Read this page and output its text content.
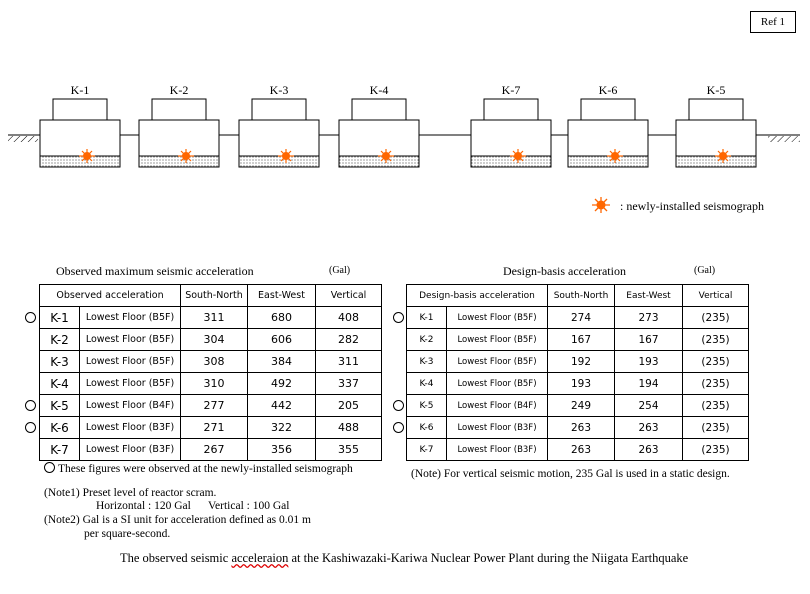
Ref 1
K-1	K-2	K-3	K-4	K-7	K-6	K-5
: newly-installed seismograph
Observed maximum seismic acceleration	(Gal)
Observed acceleration		South-North	East-West	Vertical
K-1	Lowest Floor (B5F)	311	680	408
K-2	Lowest Floor (B5F)	304	606	282
K-3	Lowest Floor (B5F)	308	384	311
K-4	Lowest Floor (B5F)	310	492	337
K-5	Lowest Floor (B4F)	277	442	205
K-6	Lowest Floor (B3F)	271	322	488
K-7	Lowest Floor (B3F)	267	356	355
These figures were observed at the newly-installed seismograph
Design-basis acceleration	(Gal)
Design-basis acceleration		South-North	East-West	Vertical
K-1	Lowest Floor (B5F)	274	273	(235)
K-2	Lowest Floor (B5F)	167	167	(235)
K-3	Lowest Floor (B5F)	192	193	(235)
K-4	Lowest Floor (B5F)	193	194	(235)
K-5	Lowest Floor (B4F)	249	254	(235)
K-6	Lowest Floor (B3F)	263	263	(235)
K-7	Lowest Floor (B3F)	263	263	(235)
(Note) For vertical seismic motion, 235 Gal is used in a static design.
(Note1) Preset level of reactor scram.
Horizontal : 120 Gal Vertical : 100 Gal
(Note2) Gal is a SI unit for acceleration defined as 0.01 m
per square-second.
The observed seismic acceleraion at the Kashiwazaki-Kariwa Nuclear Power Plant during the Niigata Earthquake
